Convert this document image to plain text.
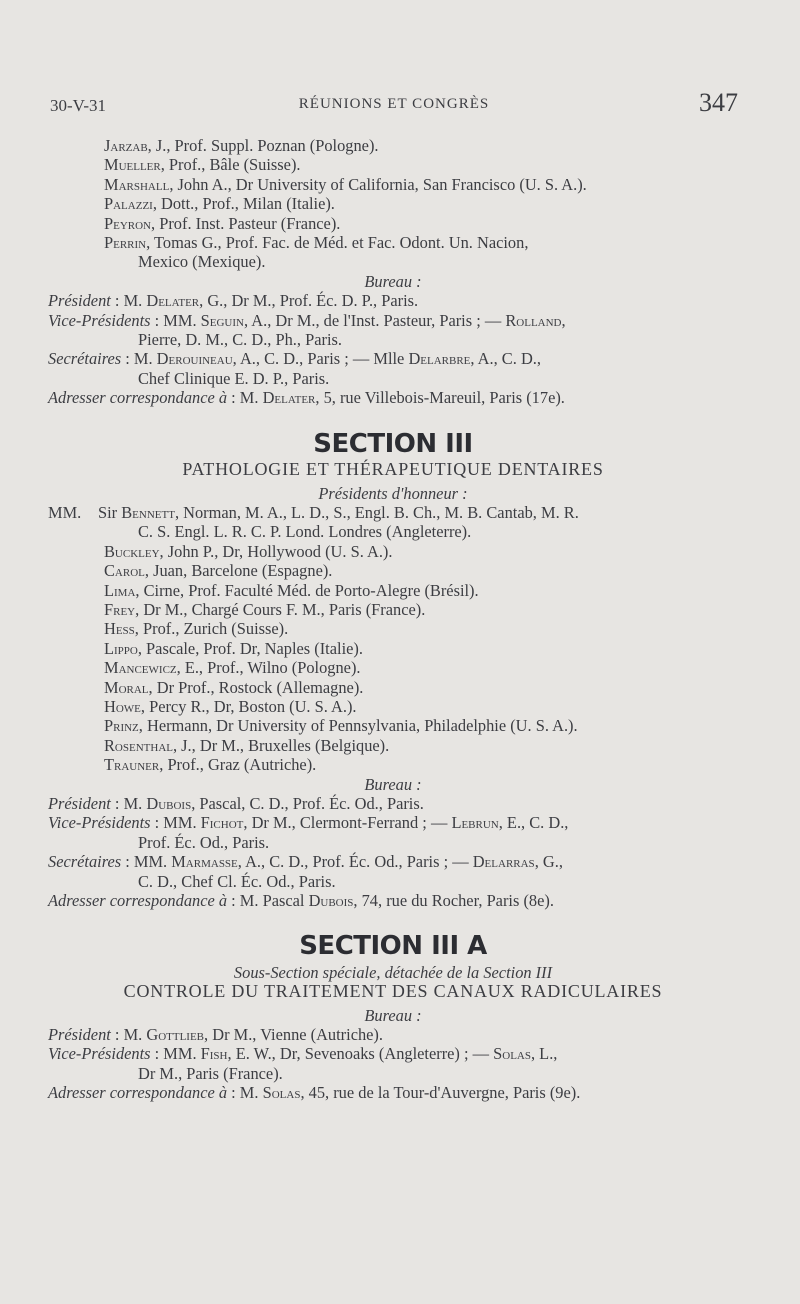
30-V-31	RÉUNIONS ET CONGRÈS	347
Jarzab, J., Prof. Suppl. Poznan (Pologne).
Mueller, Prof., Bâle (Suisse).
Marshall, John A., Dr University of California, San Francisco (U. S. A.).
Palazzi, Dott., Prof., Milan (Italie).
Peyron, Prof. Inst. Pasteur (France).
Perrin, Tomas G., Prof. Fac. de Méd. et Fac. Odont. Un. Nacion,
Mexico (Mexique).
Bureau :
Président : M. Delater, G., Dr M., Prof. Éc. D. P., Paris.
Vice-Présidents : MM. Seguin, A., Dr M., de l'Inst. Pasteur, Paris ; — Rolland,
Pierre, D. M., C. D., Ph., Paris.
Secrétaires : M. Derouineau, A., C. D., Paris ; — Mlle Delarbre, A., C. D.,
Chef Clinique E. D. P., Paris.
Adresser correspondance à : M. Delater, 5, rue Villebois-Mareuil, Paris (17e).
SECTION III
PATHOLOGIE ET THÉRAPEUTIQUE DENTAIRES
Présidents d'honneur :
MM. Sir Bennett, Norman, M. A., L. D., S., Engl. B. Ch., M. B. Cantab, M. R.
C. S. Engl. L. R. C. P. Lond. Londres (Angleterre).
Buckley, John P., Dr, Hollywood (U. S. A.).
Carol, Juan, Barcelone (Espagne).
Lima, Cirne, Prof. Faculté Méd. de Porto-Alegre (Brésil).
Frey, Dr M., Chargé Cours F. M., Paris (France).
Hess, Prof., Zurich (Suisse).
Lippo, Pascale, Prof. Dr, Naples (Italie).
Mancewicz, E., Prof., Wilno (Pologne).
Moral, Dr Prof., Rostock (Allemagne).
Howe, Percy R., Dr, Boston (U. S. A.).
Prinz, Hermann, Dr University of Pennsylvania, Philadelphie (U. S. A.).
Rosenthal, J., Dr M., Bruxelles (Belgique).
Trauner, Prof., Graz (Autriche).
Bureau :
Président : M. Dubois, Pascal, C. D., Prof. Éc. Od., Paris.
Vice-Présidents : MM. Fichot, Dr M., Clermont-Ferrand ; — Lebrun, E., C. D.,
Prof. Éc. Od., Paris.
Secrétaires : MM. Marmasse, A., C. D., Prof. Éc. Od., Paris ; — Delarras, G.,
C. D., Chef Cl. Éc. Od., Paris.
Adresser correspondance à : M. Pascal Dubois, 74, rue du Rocher, Paris (8e).
SECTION III A
Sous-Section spéciale, détachée de la Section III
CONTROLE DU TRAITEMENT DES CANAUX RADICULAIRES
Bureau :
Président : M. Gottlieb, Dr M., Vienne (Autriche).
Vice-Présidents : MM. Fish, E. W., Dr, Sevenoaks (Angleterre) ; — Solas, L.,
Dr M., Paris (France).
Adresser correspondance à : M. Solas, 45, rue de la Tour-d'Auvergne, Paris (9e).
